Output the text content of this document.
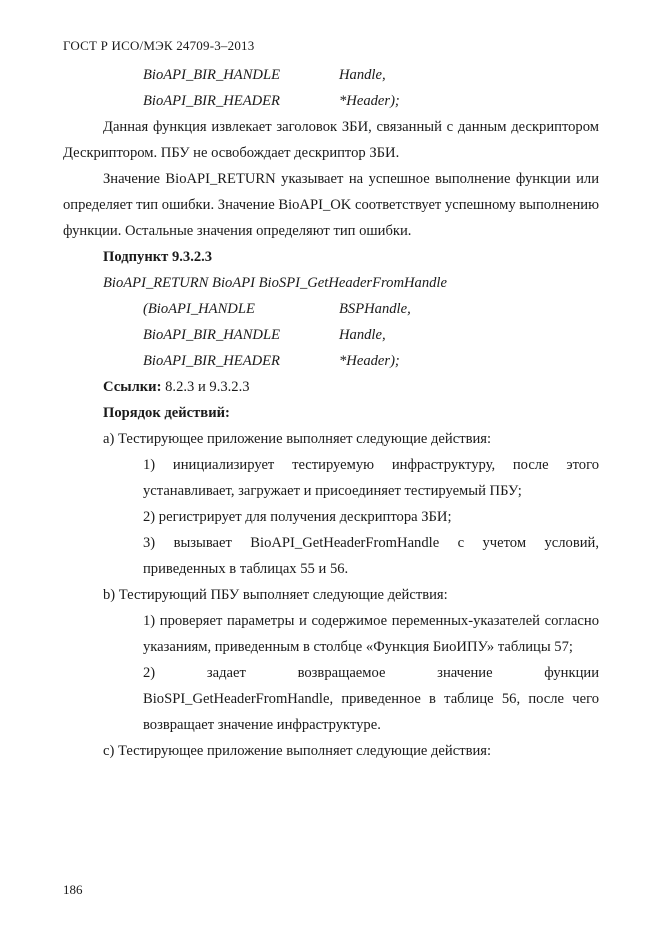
ГОСТ Р ИСО/МЭК 24709-3–2013
BioAPI_BIR_HANDLE	Handle,
BioAPI_BIR_HEADER	*Header);

Данная функция извлекает заголовок ЗБИ, связанный с данным дескриптором Дескриптором. ПБУ не освобождает дескриптор ЗБИ.

Значение BioAPI_RETURN указывает на успешное выполнение функции или определяет тип ошибки. Значение BioAPI_OK соответствует успешному выполнению функции. Остальные значения определяют тип ошибки.

Подпункт 9.3.2.3

BioAPI_RETURN BioAPI BioSPI_GetHeaderFromHandle
(BioAPI_HANDLE	BSPHandle,
BioAPI_BIR_HANDLE	Handle,
BioAPI_BIR_HEADER	*Header);

Ссылки: 8.2.3 и 9.3.2.3

Порядок действий:

a) Тестирующее приложение выполняет следующие действия:

1) инициализирует тестируемую инфраструктуру, после этого устанавливает, загружает и присоединяет тестируемый ПБУ;

2) регистрирует для получения дескриптора ЗБИ;

3) вызывает BioAPI_GetHeaderFromHandle с учетом условий, приведенных в таблицах 55 и 56.

b) Тестирующий ПБУ выполняет следующие действия:

1) проверяет параметры и содержимое переменных-указателей согласно указаниям, приведенным в столбце «Функция БиоИПУ» таблицы 57;

2) задает возвращаемое значение функции BioSPI_GetHeaderFromHandle, приведенное в таблице 56, после чего возвращает значение инфраструктуре.

c) Тестирующее приложение выполняет следующие действия:

186
